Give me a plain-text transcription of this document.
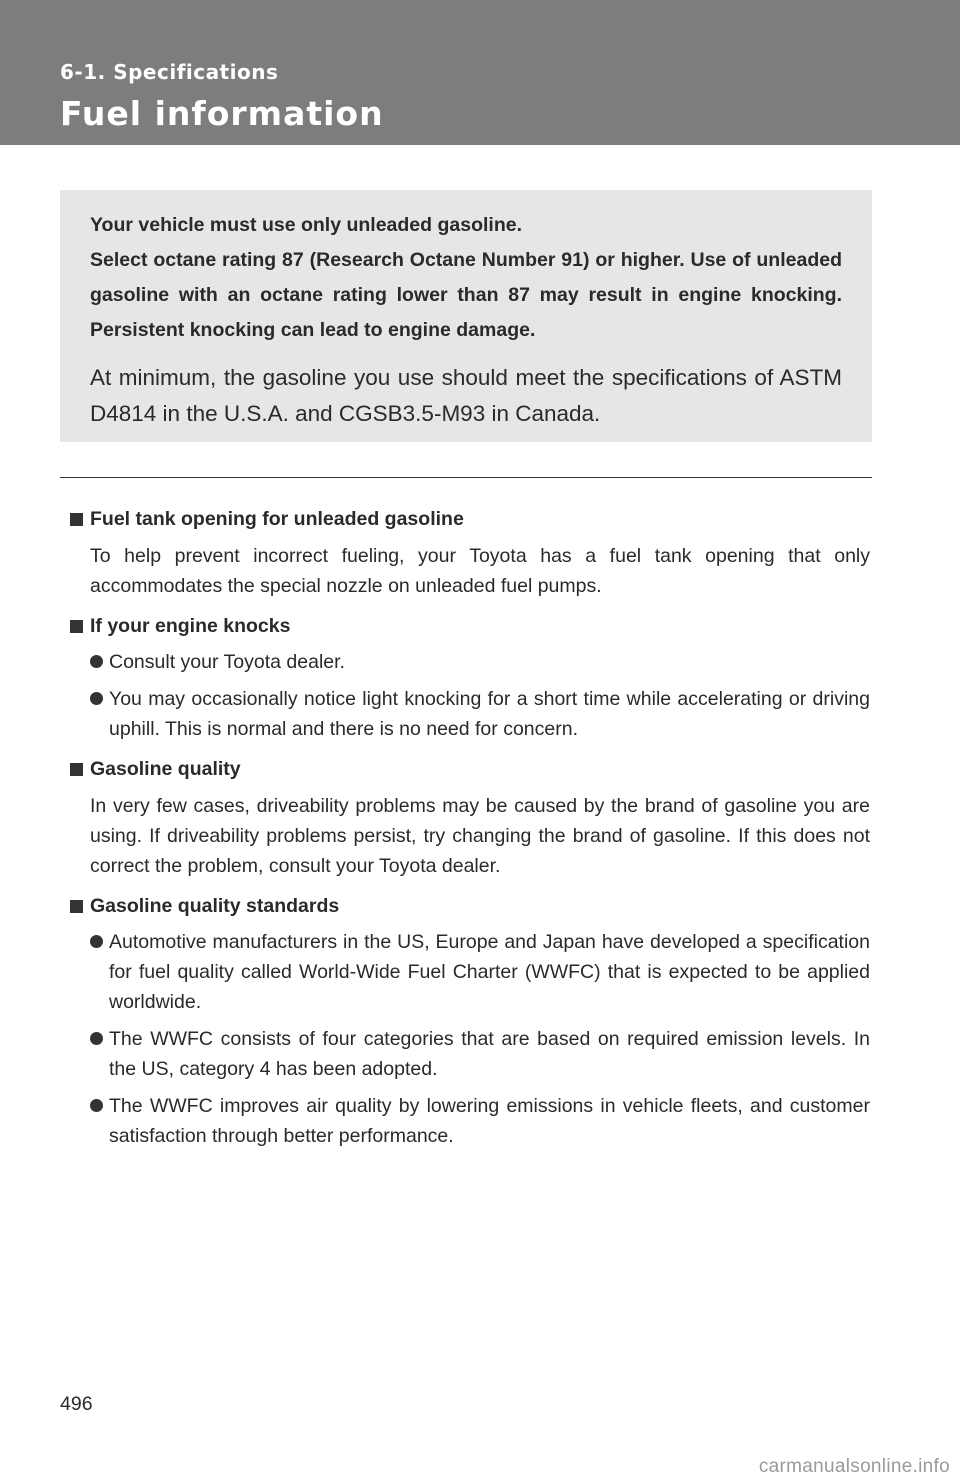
6-1. Specifications
Fuel information

Your vehicle must use only unleaded gasoline.

Select octane rating 87 (Research Octane Number 91) or higher. Use of unleaded gasoline with an octane rating lower than 87 may result in engine knocking. Persistent knocking can lead to engine damage.

At minimum, the gasoline you use should meet the specifications of ASTM D4814 in the U.S.A. and CGSB3.5-M93 in Canada.

Fuel tank opening for unleaded gasoline

To help prevent incorrect fueling, your Toyota has a fuel tank opening that only accommodates the special nozzle on unleaded fuel pumps.

If your engine knocks
Consult your Toyota dealer.
You may occasionally notice light knocking for a short time while accelerating or driving uphill. This is normal and there is no need for concern.
Gasoline quality

In very few cases, driveability problems may be caused by the brand of gasoline you are using. If driveability problems persist, try changing the brand of gasoline. If this does not correct the problem, consult your Toyota dealer.

Gasoline quality standards
Automotive manufacturers in the US, Europe and Japan have developed a specification for fuel quality called World-Wide Fuel Charter (WWFC) that is expected to be applied worldwide.
The WWFC consists of four categories that are based on required emission levels. In the US, category 4 has been adopted.
The WWFC improves air quality by lowering emissions in vehicle fleets, and customer satisfaction through better performance.
496
carmanualsonline.info
